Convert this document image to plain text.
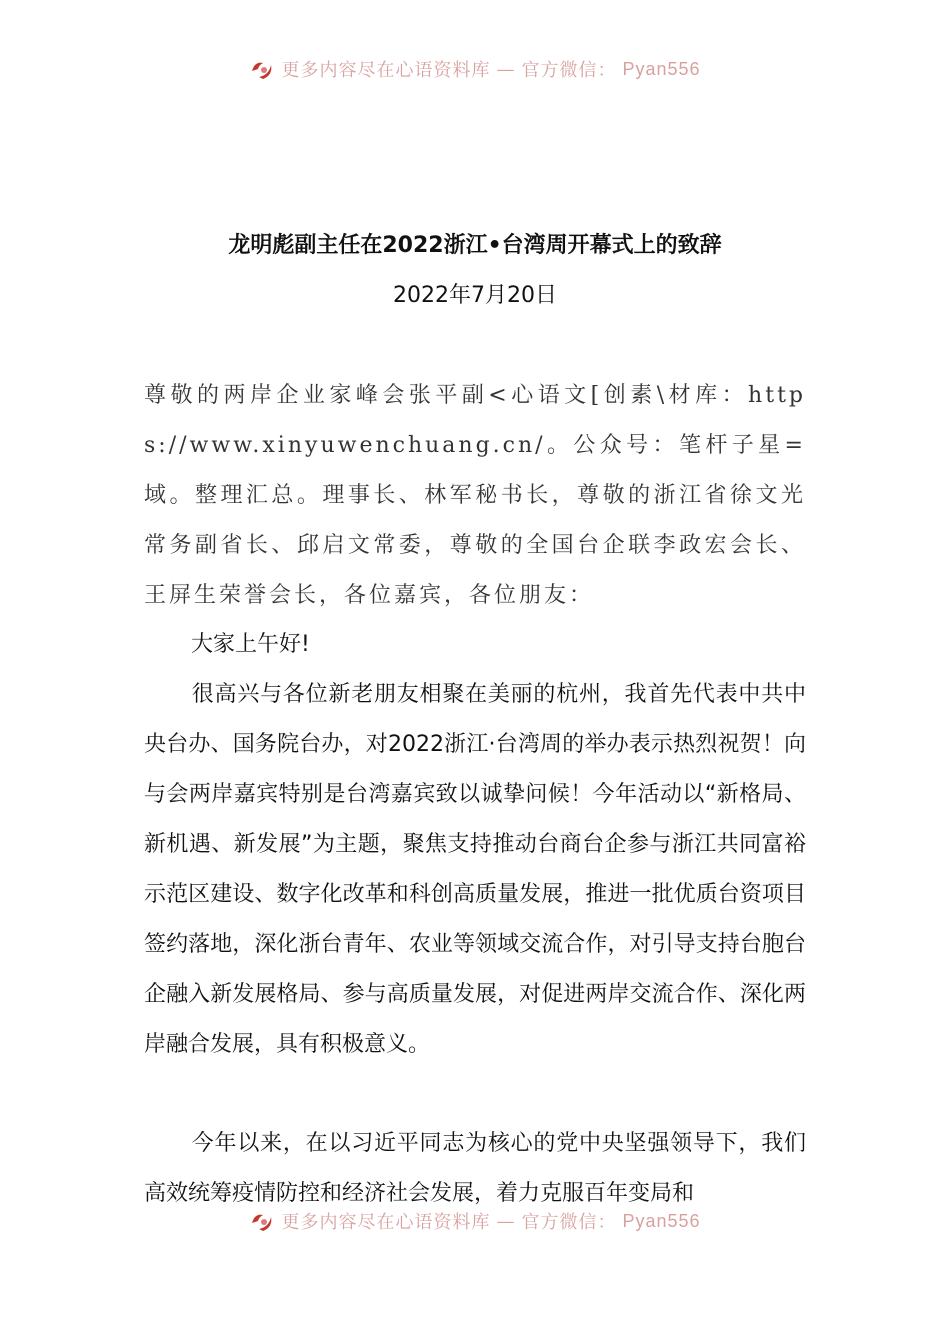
更多内容尽在心语资料库 — 官方微信： Pyan556
龙明彪副主任在2022浙江•台湾周开幕式上的致辞
2022年7月20日
尊敬的两岸企业家峰会张平副<心语文[创素\材库：https://www.xinyuwenchuang.cn/。公众号：笔杆子星=域。整理汇总。理事长、林军秘书长，尊敬的浙江省徐文光常务副省长、邱启文常委，尊敬的全国台企联李政宏会长、王屏生荣誉会长，各位嘉宾，各位朋友：
大家上午好!
很高兴与各位新老朋友相聚在美丽的杭州，我首先代表中共中央台办、国务院台办，对2022浙江·台湾周的举办表示热烈祝贺！向与会两岸嘉宾特别是台湾嘉宾致以诚挚问候！今年活动以“新格局、新机遇、新发展”为主题，聚焦支持推动台商台企参与浙江共同富裕示范区建设、数字化改革和科创高质量发展，推进一批优质台资项目签约落地，深化浙台青年、农业等领域交流合作，对引导支持台胞台企融入新发展格局、参与高质量发展，对促进两岸交流合作、深化两岸融合发展，具有积极意义。
今年以来，在以习近平同志为核心的党中央坚强领导下，我们高效统筹疫情防控和经济社会发展，着力克服百年变局和
更多内容尽在心语资料库 — 官方微信： Pyan556
